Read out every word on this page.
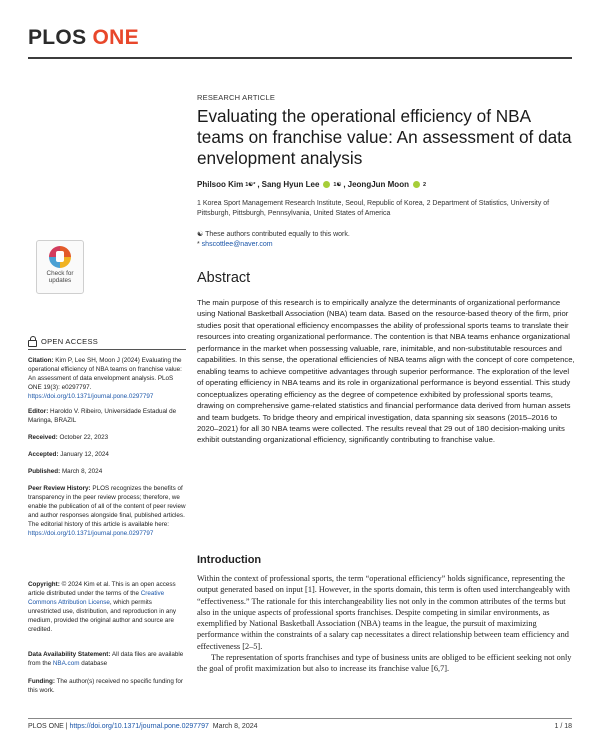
PLOS ONE
RESEARCH ARTICLE
Evaluating the operational efficiency of NBA teams on franchise value: An assessment of data envelopment analysis
Philsoo Kim 1☯* , Sang Hyun Lee	1☯ , JeongJun Moon	2
1 Korea Sport Management Research Institute, Seoul, Republic of Korea, 2 Department of Statistics, University of Pittsburgh, Pittsburgh, Pennsylvania, United States of America
☯ These authors contributed equally to this work.
* shscottlee@naver.com
Check for
updates
OPEN ACCESS
Citation: Kim P, Lee SH, Moon J (2024) Evaluating the operational efficiency of NBA teams on franchise value: An assessment of data envelopment analysis. PLoS ONE 19(3): e0297797. https://doi.org/10.1371/journal.pone.0297797
Editor: Haroldo V. Ribeiro, Universidade Estadual de Maringa, BRAZIL
Received: October 22, 2023
Accepted: January 12, 2024
Published: March 8, 2024
Peer Review History: PLOS recognizes the benefits of transparency in the peer review process; therefore, we enable the publication of all of the content of peer review and author responses alongside final, published articles. The editorial history of this article is available here: https://doi.org/10.1371/journal.pone.0297797
Copyright: © 2024 Kim et al. This is an open access article distributed under the terms of the Creative Commons Attribution License, which permits unrestricted use, distribution, and reproduction in any medium, provided the original author and source are credited.
Data Availability Statement: All data files are available from the NBA.com database
Funding: The author(s) received no specific funding for this work.
Abstract
The main purpose of this research is to empirically analyze the determinants of organizational performance using National Basketball Association (NBA) team data. Based on the resource-based theory of the firm, prior studies posit that operational efficiency encompasses the ability of professional sports teams to translate their resources into creating organizational performance. The contention is that NBA teams enhance organizational performance in the market when possessing valuable, rare, inimitable, and non-substitutable resources and capabilities. In this sense, the operational efficiencies of NBA teams align with the concept of core competence, enabling teams to achieve competitive advantages through superior performance. The exploration of the level of operating efficiency in NBA teams and its role in organizational performance is beyond essential. This study conceptualizes operating efficiency as the degree of competence exhibited by professional sports teams, drawing on comprehensive game-related statistics and financial performance data derived from human assets and team budgets. To bridge theory and empirical investigation, data spanning six seasons (2015–2016 to 2020–2021) for all 30 NBA teams were collected. The results reveal that 29 out of 180 decision-making units exhibit outstanding organizational efficiency, significantly contributing to franchise value.
Introduction

Within the context of professional sports, the term “operational efficiency” holds significance, representing the output generated based on input [1]. However, in the sports domain, this term is often used interchangeably with “effectiveness.” The rationale for this interchangeability lies not only in the common attributes of the terms but also in the unique aspects of professional sports franchises. Despite competing in similar environments, as exemplified by National Basketball Association (NBA) teams in the league, the pursuit of maximizing performance within the constraints of a salary cap necessitates a direct relationship between team efficiency and effectiveness [2–5].

The representation of sports franchises and type of business units are obliged to be efficient seeking not only the goal of profit maximization but also to increase its franchise value [6,7].

PLOS ONE | https://doi.org/10.1371/journal.pone.0297797 March 8, 2024	1 / 18
